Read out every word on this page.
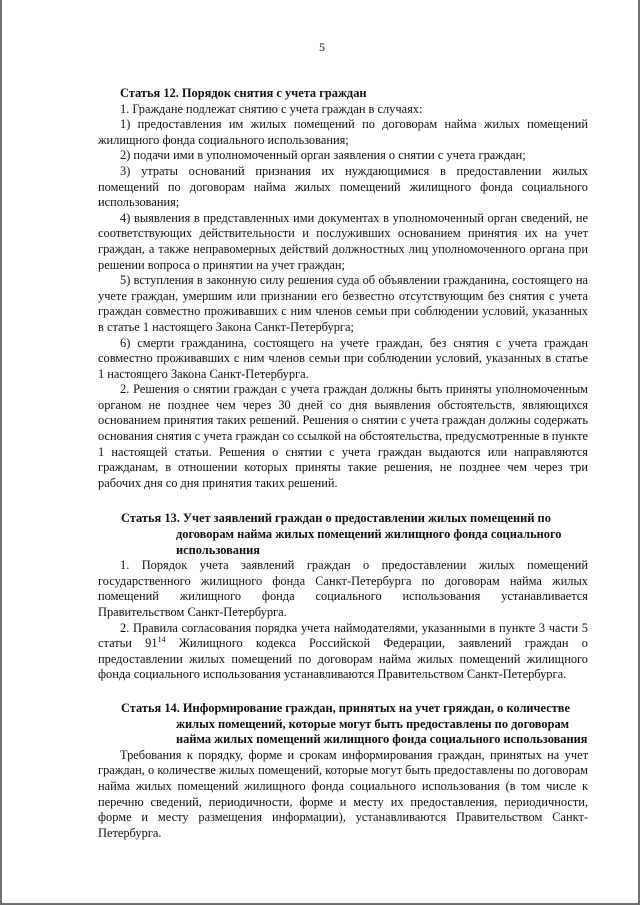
5
Статья 12. Порядок снятия с учета граждан

1. Граждане подлежат снятию с учета граждан в случаях:

1) предоставления им жилых помещений по договорам найма жилых помещений жилищного фонда социального использования;

2) подачи ими в уполномоченный орган заявления о снятии с учета граждан;

3) утраты оснований признания их нуждающимися в предоставлении жилых помещений по договорам найма жилых помещений жилищного фонда социального использования;

4) выявления в представленных ими документах в уполномоченный орган сведений, не соответствующих действительности и послуживших основанием принятия их на учет граждан, а также неправомерных действий должностных лиц уполномоченного органа при решении вопроса о принятии на учет граждан;

5) вступления в законную силу решения суда об объявлении гражданина, состоящего на учете граждан, умершим или признании его безвестно отсутствующим без снятия с учета граждан совместно проживавших с ним членов семьи при соблюдении условий, указанных в статье 1 настоящего Закона Санкт-Петербурга;

6) смерти гражданина, состоящего на учете граждан, без снятия с учета граждан совместно проживавших с ним членов семьи при соблюдении условий, указанных в статье 1 настоящего Закона Санкт-Петербурга.

2. Решения о снятии граждан с учета граждан должны быть приняты уполномоченным органом не позднее чем через 30 дней со дня выявления обстоятельств, являющихся основанием принятия таких решений. Решения о снятии с учета граждан должны содержать основания снятия с учета граждан со ссылкой на обстоятельства, предусмотренные в пункте 1 настоящей статьи. Решения о снятии с учета граждан выдаются или направляются гражданам, в отношении которых приняты такие решения, не позднее чем через три рабочих дня со дня принятия таких решений.

Статья 13. Учет заявлений граждан о предоставлении жилых помещений по договорам найма жилых помещений жилищного фонда социального использования

1. Порядок учета заявлений граждан о предоставлении жилых помещений государственного жилищного фонда Санкт-Петербурга по договорам найма жилых помещений жилищного фонда социального использования устанавливается Правительством Санкт-Петербурга.

2. Правила согласования порядка учета наймодателями, указанными в пункте 3 части 5 статьи $91^{14}$ Жилищного кодекса Российской Федерации, заявлений граждан о предоставлении жилых помещений по договорам найма жилых помещений жилищного фонда социального использования устанавливаются Правительством Санкт-Петербурга.

Статья 14. Информирование граждан, принятых на учет гряждан, о количестве жилых помещений, которые могут быть предоставлены по договорам найма жилых помещений жилищного фонда социального использования

Требования к порядку, форме и срокам информирования граждан, принятых на учет граждан, о количестве жилых помещений, которые могут быть предоставлены по договорам найма жилых помещений жилищного фонда социального использования (в том числе к перечню сведений, периодичности, форме и месту их предоставления, периодичности, форме и месту размещения информации), устанавливаются Правительством Санкт-Петербурга.
